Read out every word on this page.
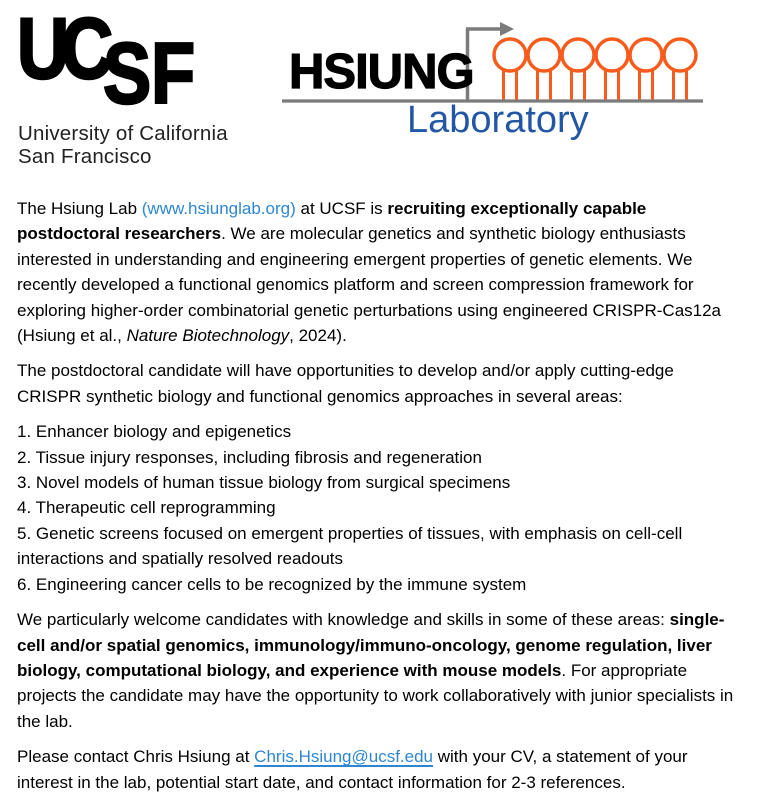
U
C
S F
University of California
San Francisco
HSIUNG
Laboratory

The Hsiung Lab (www.hsiunglab.org) at UCSF is recruiting exceptionally capable postdoctoral researchers. We are molecular genetics and synthetic biology enthusiasts interested in understanding and engineering emergent properties of genetic elements. We recently developed a functional genomics platform and screen compression framework for exploring higher-order combinatorial genetic perturbations using engineered CRISPR-Cas12a (Hsiung et al., Nature Biotechnology, 2024).

The postdoctoral candidate will have opportunities to develop and/or apply cutting-edge CRISPR synthetic biology and functional genomics approaches in several areas:

1. Enhancer biology and epigenetics
2. Tissue injury responses, including fibrosis and regeneration
3. Novel models of human tissue biology from surgical specimens
4. Therapeutic cell reprogramming
5. Genetic screens focused on emergent properties of tissues, with emphasis on cell-cell interactions and spatially resolved readouts
6. Engineering cancer cells to be recognized by the immune system

We particularly welcome candidates with knowledge and skills in some of these areas: single-cell and/or spatial genomics, immunology/immuno-oncology, genome regulation, liver biology, computational biology, and experience with mouse models. For appropriate projects the candidate may have the opportunity to work collaboratively with junior specialists in the lab.

Please contact Chris Hsiung at Chris.Hsiung@ucsf.edu with your CV, a statement of your interest in the lab, potential start date, and contact information for 2-3 references.
